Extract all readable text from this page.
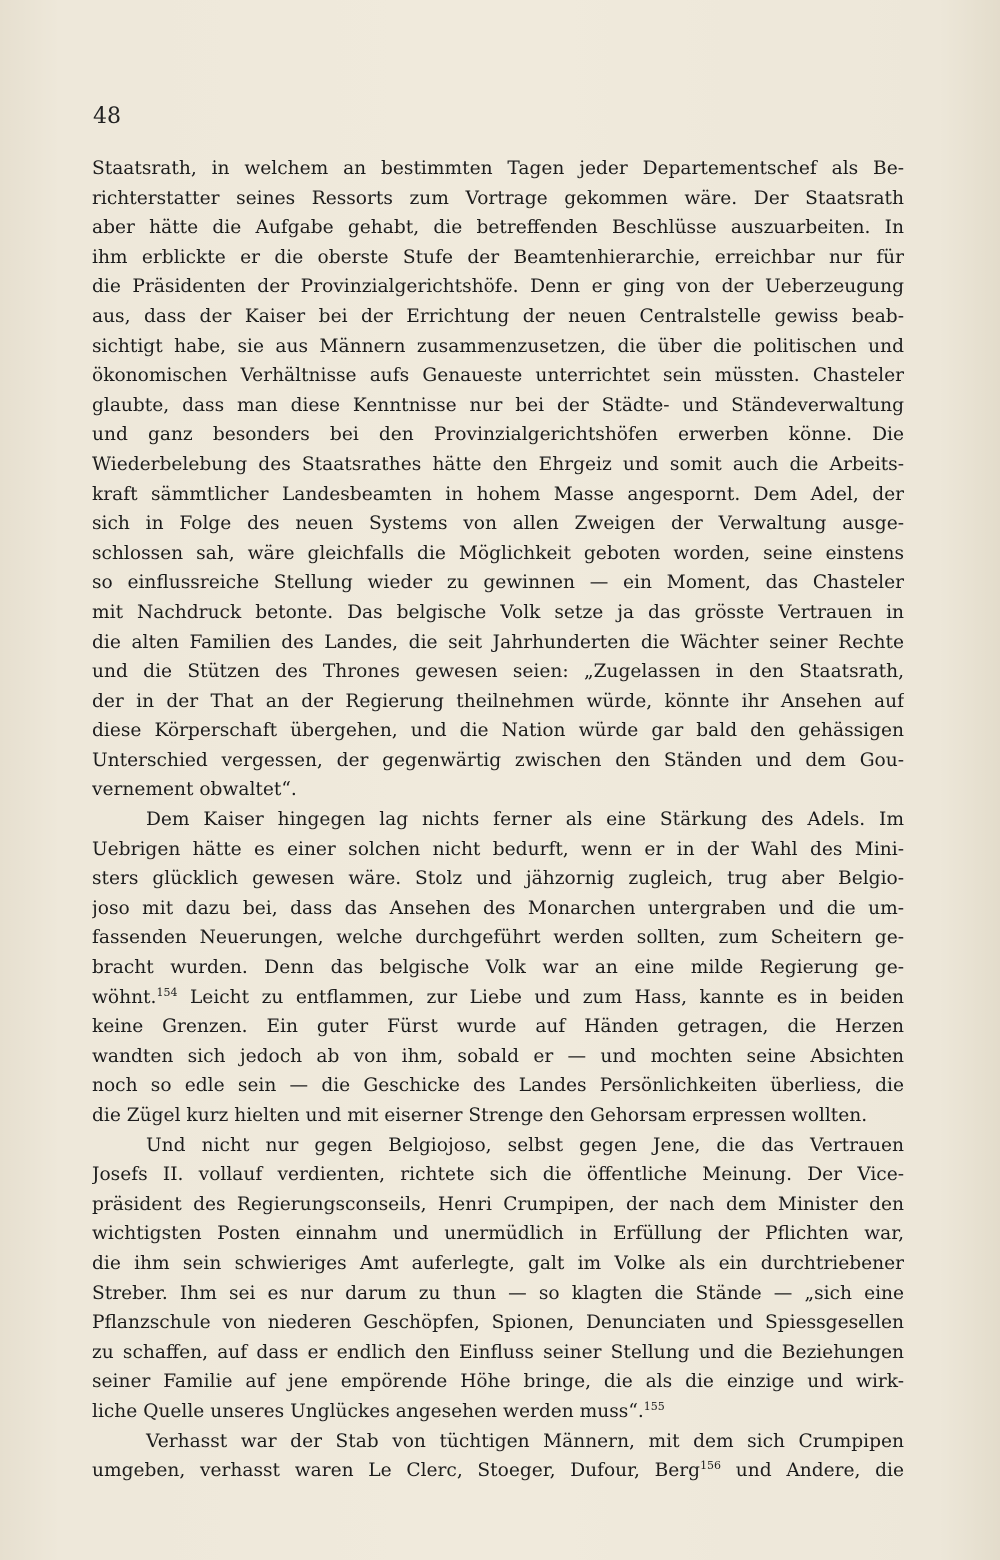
48
Staatsrath, in welchem an bestimmten Tagen jeder Departementschef als Be-
richterstatter seines Ressorts zum Vortrage gekommen wäre. Der Staatsrath
aber hätte die Aufgabe gehabt, die betreffenden Beschlüsse auszuarbeiten. In
ihm erblickte er die oberste Stufe der Beamtenhierarchie, erreichbar nur für
die Präsidenten der Provinzialgerichtshöfe. Denn er ging von der Ueberzeugung
aus, dass der Kaiser bei der Errichtung der neuen Centralstelle gewiss beab-
sichtigt habe, sie aus Männern zusammenzusetzen, die über die politischen und
ökonomischen Verhältnisse aufs Genaueste unterrichtet sein müssten. Chasteler
glaubte, dass man diese Kenntnisse nur bei der Städte- und Ständeverwaltung
und ganz besonders bei den Provinzialgerichtshöfen erwerben könne. Die
Wiederbelebung des Staatsrathes hätte den Ehrgeiz und somit auch die Arbeits-
kraft sämmtlicher Landesbeamten in hohem Masse angespornt. Dem Adel, der
sich in Folge des neuen Systems von allen Zweigen der Verwaltung ausge-
schlossen sah, wäre gleichfalls die Möglichkeit geboten worden, seine einstens
so einflussreiche Stellung wieder zu gewinnen — ein Moment, das Chasteler
mit Nachdruck betonte. Das belgische Volk setze ja das grösste Vertrauen in
die alten Familien des Landes, die seit Jahrhunderten die Wächter seiner Rechte
und die Stützen des Thrones gewesen seien: „Zugelassen in den Staatsrath,
der in der That an der Regierung theilnehmen würde, könnte ihr Ansehen auf
diese Körperschaft übergehen, und die Nation würde gar bald den gehässigen
Unterschied vergessen, der gegenwärtig zwischen den Ständen und dem Gou-
vernement obwaltet“.
Dem Kaiser hingegen lag nichts ferner als eine Stärkung des Adels. Im
Uebrigen hätte es einer solchen nicht bedurft, wenn er in der Wahl des Mini-
sters glücklich gewesen wäre. Stolz und jähzornig zugleich, trug aber Belgio-
joso mit dazu bei, dass das Ansehen des Monarchen untergraben und die um-
fassenden Neuerungen, welche durchgeführt werden sollten, zum Scheitern ge-
bracht wurden. Denn das belgische Volk war an eine milde Regierung ge-
wöhnt.$^{154}$ Leicht zu entflammen, zur Liebe und zum Hass, kannte es in beiden
keine Grenzen. Ein guter Fürst wurde auf Händen getragen, die Herzen
wandten sich jedoch ab von ihm, sobald er — und mochten seine Absichten
noch so edle sein — die Geschicke des Landes Persönlichkeiten überliess, die
die Zügel kurz hielten und mit eiserner Strenge den Gehorsam erpressen wollten.
Und nicht nur gegen Belgiojoso, selbst gegen Jene, die das Vertrauen
Josefs II. vollauf verdienten, richtete sich die öffentliche Meinung. Der Vice-
präsident des Regierungsconseils, Henri Crumpipen, der nach dem Minister den
wichtigsten Posten einnahm und unermüdlich in Erfüllung der Pflichten war,
die ihm sein schwieriges Amt auferlegte, galt im Volke als ein durchtriebener
Streber. Ihm sei es nur darum zu thun — so klagten die Stände — „sich eine
Pflanzschule von niederen Geschöpfen, Spionen, Denunciaten und Spiessgesellen
zu schaffen, auf dass er endlich den Einfluss seiner Stellung und die Beziehungen
seiner Familie auf jene empörende Höhe bringe, die als die einzige und wirk-
liche Quelle unseres Unglückes angesehen werden muss“.$^{155}$
Verhasst war der Stab von tüchtigen Männern, mit dem sich Crumpipen
umgeben, verhasst waren Le Clerc, Stoeger, Dufour, Berg$^{156}$ und Andere, die
